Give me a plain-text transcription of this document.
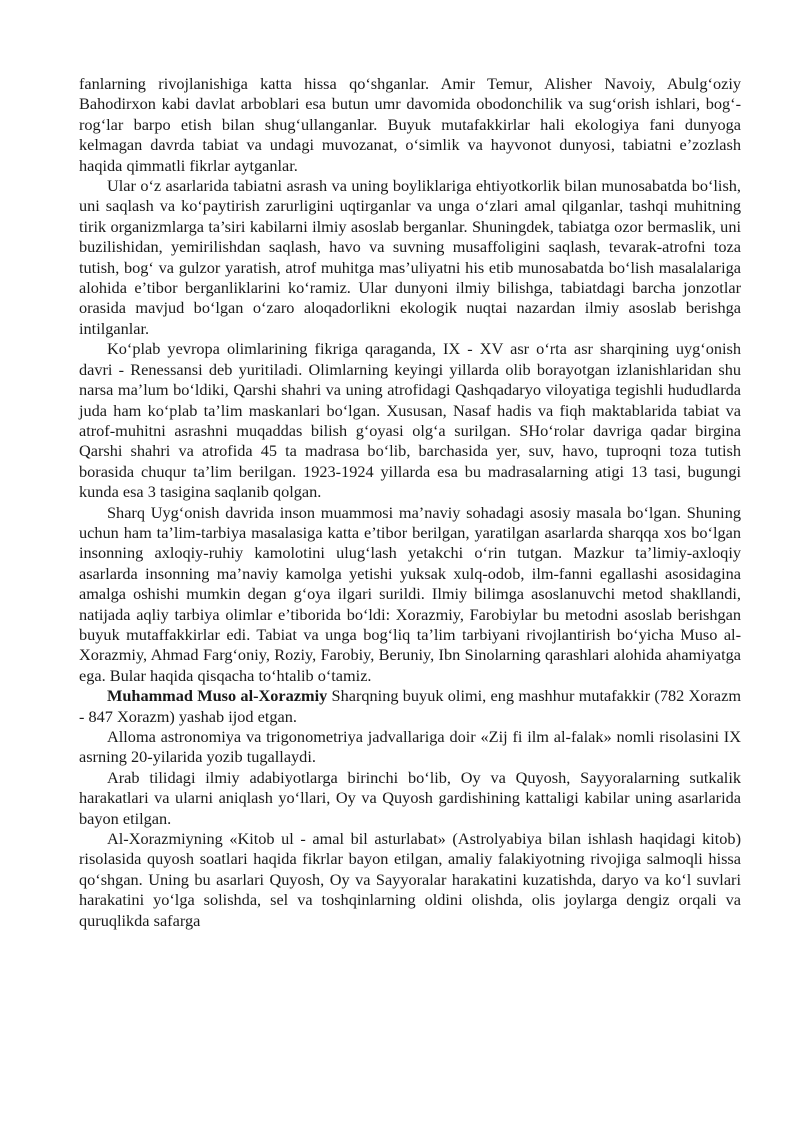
fanlarning rivojlanishiga katta hissa qo‘shganlar. Amir Temur, Alisher Navoiy, Abulg‘oziy Bahodirxon kabi davlat arboblari esa butun umr davomida obodonchilik va sug‘orish ishlari, bog‘-rog‘lar barpo etish bilan shug‘ullanganlar. Buyuk mutafakkirlar hali ekologiya fani dunyoga kelmagan davrda tabiat va undagi muvozanat, o‘simlik va hayvonot dunyosi, tabiatni e’zozlash haqida qimmatli fikrlar aytganlar.

Ular o‘z asarlarida tabiatni asrash va uning boyliklariga ehtiyotkorlik bilan munosabatda bo‘lish, uni saqlash va ko‘paytirish zarurligini uqtirganlar va unga o‘zlari amal qilganlar, tashqi muhitning tirik organizmlarga ta’siri kabilarni ilmiy asoslab berganlar. Shuningdek, tabiatga ozor bermaslik, uni buzilishidan, yemirilishdan saqlash, havo va suvning musaffoligini saqlash, tevarak-atrofni toza tutish, bog‘ va gulzor yaratish, atrof muhitga mas’uliyatni his etib munosabatda bo‘lish masalalariga alohida e’tibor berganliklarini ko‘ramiz. Ular dunyoni ilmiy bilishga, tabiatdagi barcha jonzotlar orasida mavjud bo‘lgan o‘zaro aloqadorlikni ekologik nuqtai nazardan ilmiy asoslab berishga intilganlar.

Ko‘plab yevropa olimlarining fikriga qaraganda, IX - XV asr o‘rta asr sharqining uyg‘onish davri - Renessansi deb yuritiladi. Olimlarning keyingi yillarda olib borayotgan izlanishlaridan shu narsa ma’lum bo‘ldiki, Qarshi shahri va uning atrofidagi Qashqadaryo viloyatiga tegishli hududlarda juda ham ko‘plab ta’lim maskanlari bo‘lgan. Xususan, Nasaf hadis va fiqh maktablarida tabiat va atrof-muhitni asrashni muqaddas bilish g‘oyasi olg‘a surilgan. SHo‘rolar davriga qadar birgina Qarshi shahri va atrofida 45 ta madrasa bo‘lib, barchasida yer, suv, havo, tuproqni toza tutish borasida chuqur ta’lim berilgan. 1923-1924 yillarda esa bu madrasalarning atigi 13 tasi, bugungi kunda esa 3 tasigina saqlanib qolgan.

Sharq Uyg‘onish davrida inson muammosi ma’naviy sohadagi asosiy masala bo‘lgan. Shuning uchun ham ta’lim-tarbiya masalasiga katta e’tibor berilgan, yaratilgan asarlarda sharqqa xos bo‘lgan insonning axloqiy-ruhiy kamolotini ulug‘lash yetakchi o‘rin tutgan. Mazkur ta’limiy-axloqiy asarlarda insonning ma’naviy kamolga yetishi yuksak xulq-odob, ilm-fanni egallashi asosidagina amalga oshishi mumkin degan g‘oya ilgari surildi. Ilmiy bilimga asoslanuvchi metod shakllandi, natijada aqliy tarbiya olimlar e’tiborida bo‘ldi: Xorazmiy, Farobiylar bu metodni asoslab berishgan buyuk mutaffakkirlar edi. Tabiat va unga bog‘liq ta’lim tarbiyani rivojlantirish bo‘yicha Muso al-Xorazmiy, Ahmad Farg‘oniy, Roziy, Farobiy, Beruniy, Ibn Sinolarning qarashlari alohida ahamiyatga ega. Bular haqida qisqacha to‘htalib o‘tamiz.

Muhammad Muso al-Xorazmiy Sharqning buyuk olimi, eng mashhur mutafakkir (782 Xorazm - 847 Xorazm) yashab ijod etgan.

Alloma astronomiya va trigonometriya jadvallariga doir «Zij fi ilm al-falak» nomli risolasini IX asrning 20-yilarida yozib tugallaydi.

Arab tilidagi ilmiy adabiyotlarga birinchi bo‘lib, Oy va Quyosh, Sayyoralarning sutkalik harakatlari va ularni aniqlash yo‘llari, Oy va Quyosh gardishining kattaligi kabilar uning asarlarida bayon etilgan.

Al-Xorazmiyning «Kitob ul - amal bil asturlabat» (Astrolyabiya bilan ishlash haqidagi kitob) risolasida quyosh soatlari haqida fikrlar bayon etilgan, amaliy falakiyotning rivojiga salmoqli hissa qo‘shgan. Uning bu asarlari Quyosh, Oy va Sayyoralar harakatini kuzatishda, daryo va ko‘l suvlari harakatini yo‘lga solishda, sel va toshqinlarning oldini olishda, olis joylarga dengiz orqali va quruqlikda safarga
